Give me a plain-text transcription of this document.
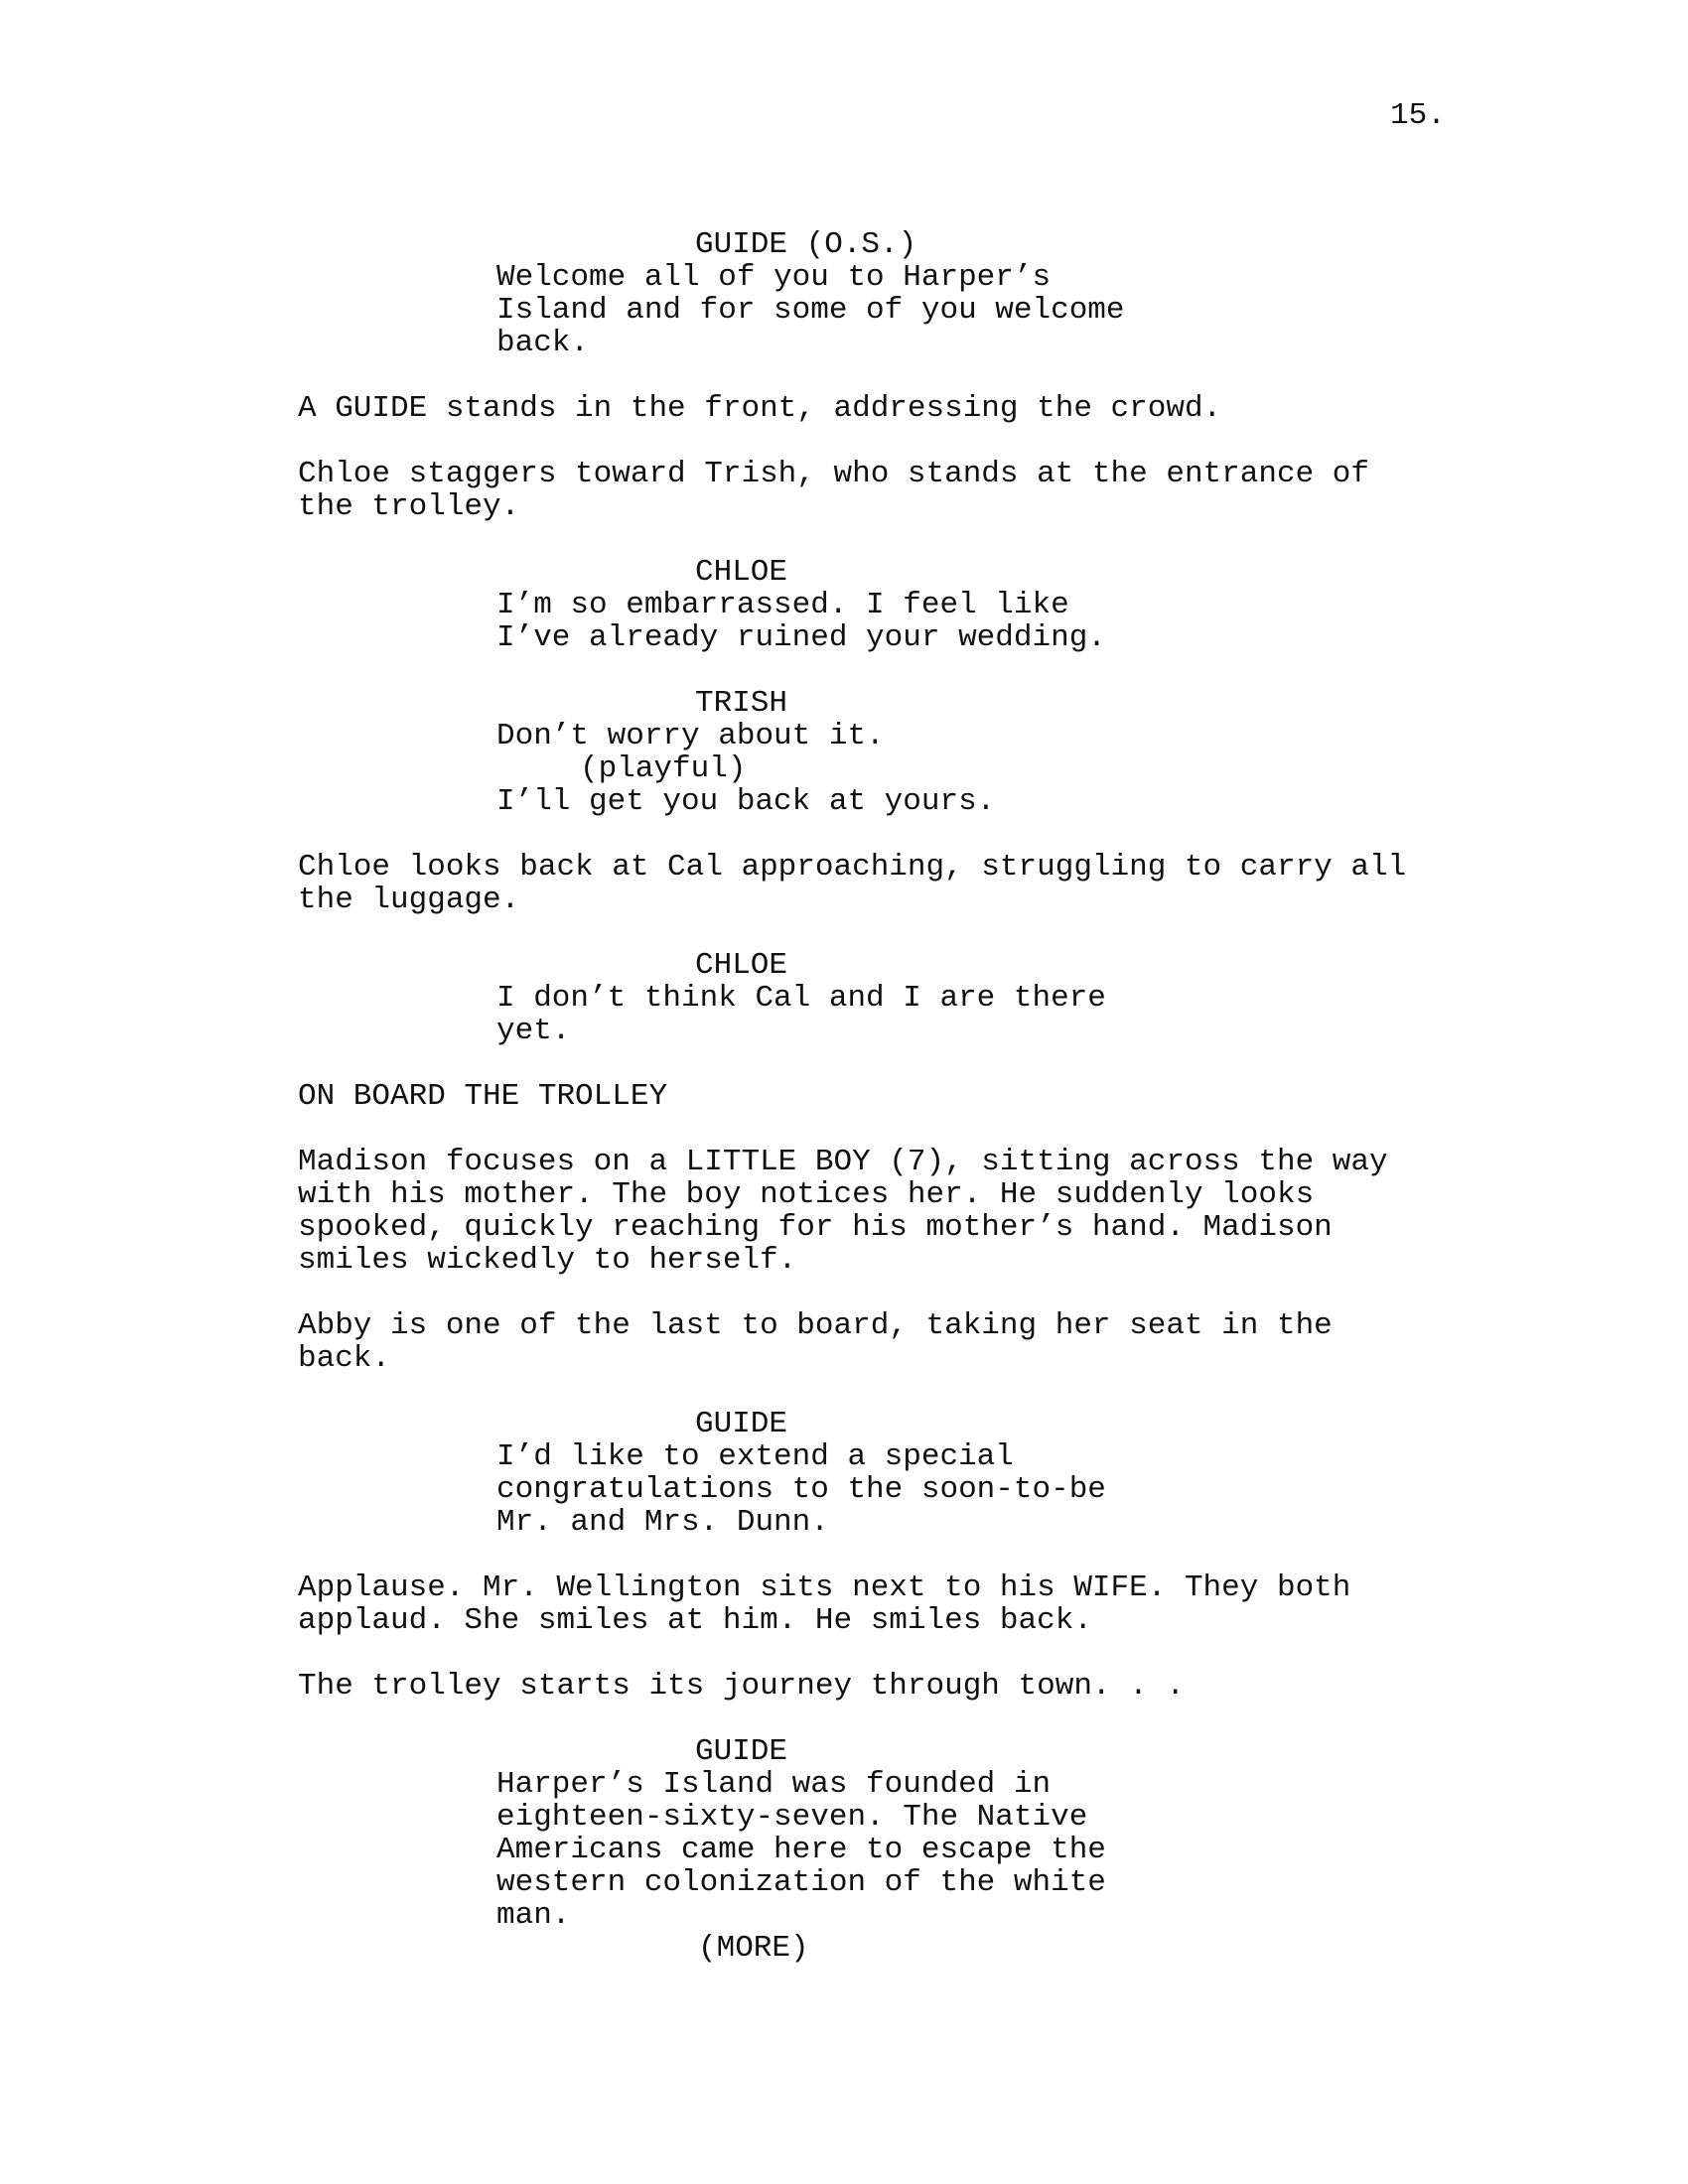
15.
GUIDE (O.S.)
Welcome all of you to Harper’s
Island and for some of you welcome
back.
A GUIDE stands in the front, addressing the crowd.
Chloe staggers toward Trish, who stands at the entrance of
the trolley.
CHLOE
I’m so embarrassed. I feel like
I’ve already ruined your wedding.
TRISH
Don’t worry about it.
(playful)
I’ll get you back at yours.
Chloe looks back at Cal approaching, struggling to carry all
the luggage.
CHLOE
I don’t think Cal and I are there
yet.
ON BOARD THE TROLLEY
Madison focuses on a LITTLE BOY (7), sitting across the way
with his mother. The boy notices her. He suddenly looks
spooked, quickly reaching for his mother’s hand. Madison
smiles wickedly to herself.
Abby is one of the last to board, taking her seat in the
back.
GUIDE
I’d like to extend a special
congratulations to the soon-to-be
Mr. and Mrs. Dunn.
Applause. Mr. Wellington sits next to his WIFE. They both
applaud. She smiles at him. He smiles back.
The trolley starts its journey through town. . .
GUIDE
Harper’s Island was founded in
eighteen-sixty-seven. The Native
Americans came here to escape the
western colonization of the white
man.
(MORE)
